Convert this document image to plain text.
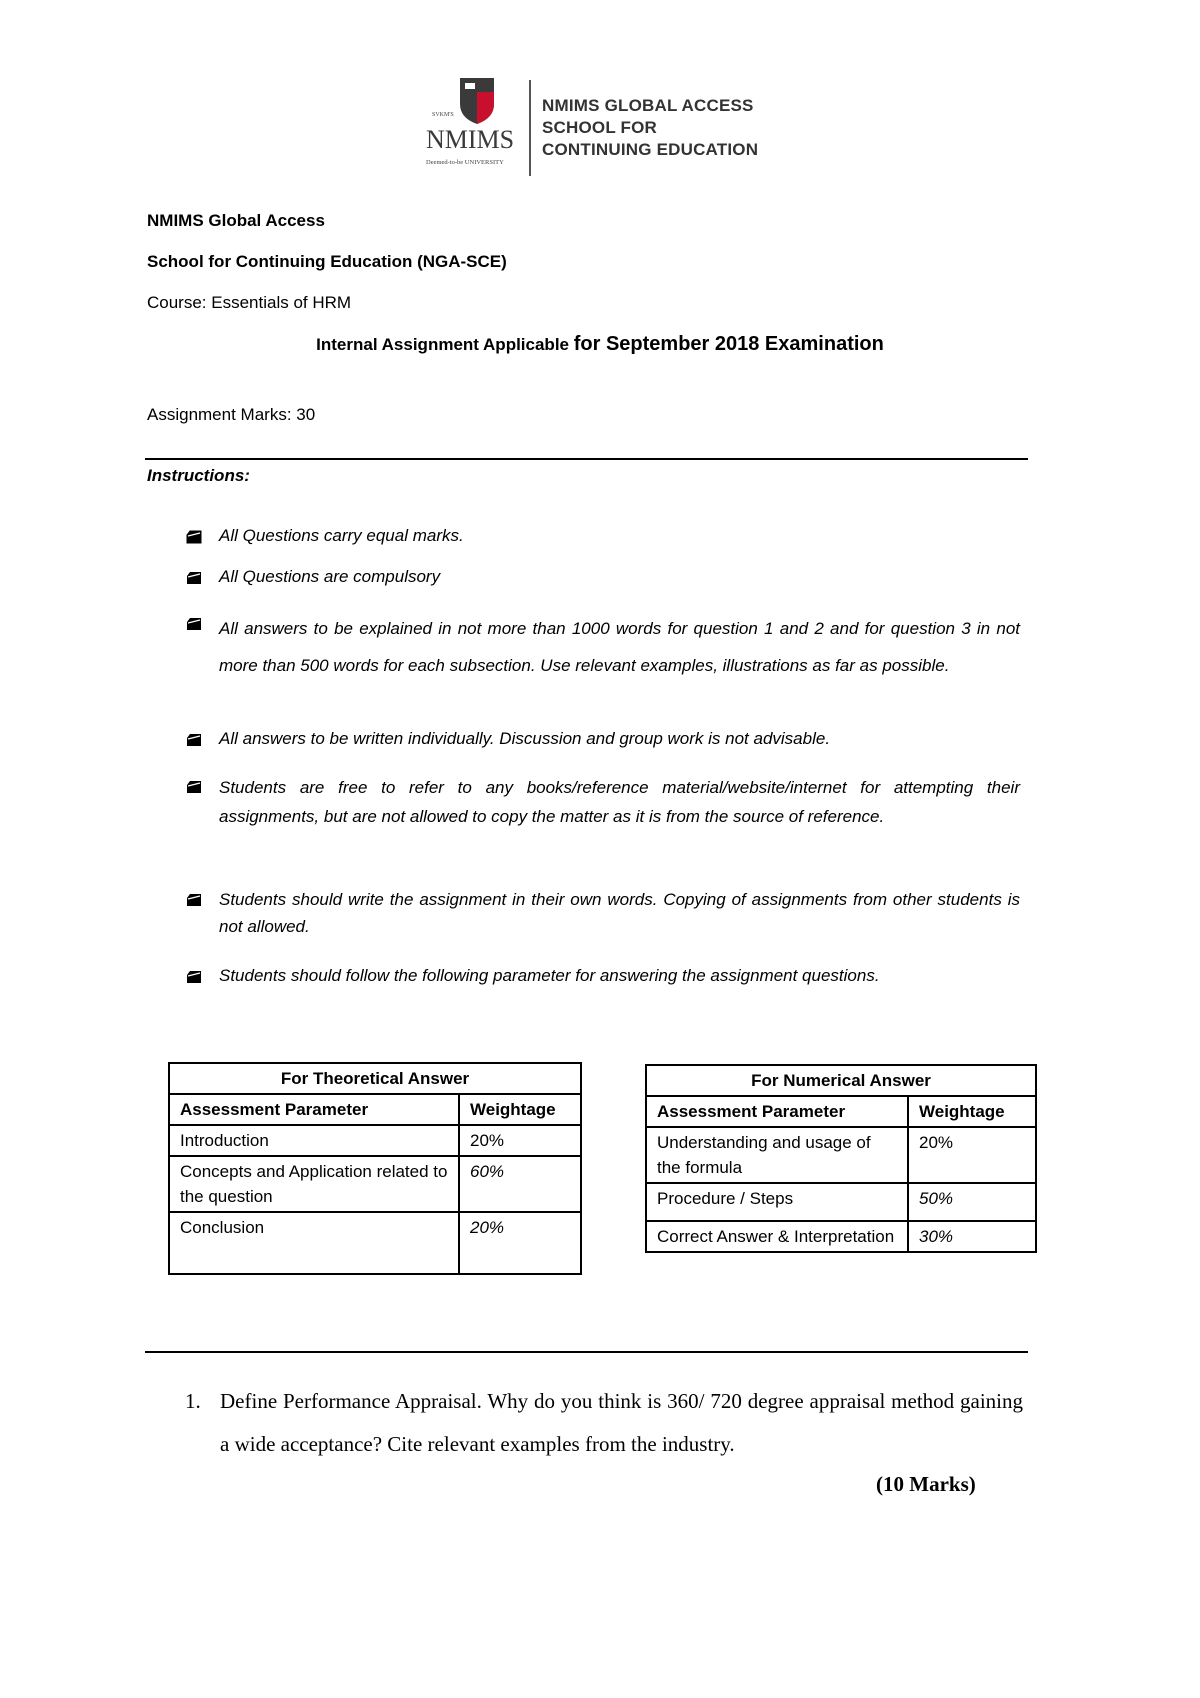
SVKM'S
NMIMS
Deemed-to-be UNIVERSITY
NMIMS GLOBAL ACCESS
SCHOOL FOR
CONTINUING EDUCATION
NMIMS Global Access
School for Continuing Education (NGA-SCE)
Course: Essentials of HRM
Internal Assignment Applicable for September 2018 Examination
Assignment Marks: 30
Instructions:
All Questions carry equal marks.
All Questions are compulsory
All answers to be explained in not more than 1000 words for question 1 and 2 and for question 3 in not more than 500 words for each subsection. Use relevant examples, illustrations as far as possible.
All answers to be written individually. Discussion and group work is not advisable.
Students are free to refer to any books/reference material/website/internet for attempting their assignments, but are not allowed to copy the matter as it is from the source of reference.
Students should write the assignment in their own words. Copying of assignments from other students is not allowed.
Students should follow the following parameter for answering the assignment questions.
For Theoretical Answer	
Assessment Parameter	Weightage
Introduction	20%
Concepts and Application related to the question	60%
Conclusion	20%
For Numerical Answer	
Assessment Parameter	Weightage
Understanding and usage of the formula	20%
Procedure / Steps	50%
Correct Answer & Interpretation	30%
1. Define Performance Appraisal. Why do you think is 360/ 720 degree appraisal method gaining a wide acceptance? Cite relevant examples from the industry.
(10 Marks)
